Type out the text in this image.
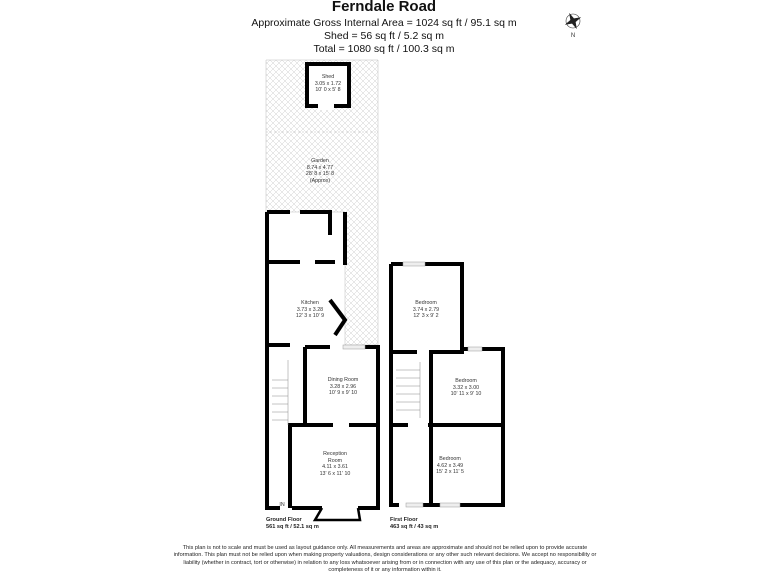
Ferndale Road
Approximate Gross Internal Area = 1024 sq ft / 95.1 sq m
Shed = 56 sq ft / 5.2 sq m
Total = 1080 sq ft / 100.3 sq m
Shed
3.05 x 1.72
10' 0 x 5' 8
Garden
8.74 x 4.77
28' 8 x 15' 8
(Approx)
Kitchen
3.73 x 3.28
12' 3 x 10' 9
Dining Room
3.28 x 2.96
10' 9 x 9' 10
Reception
Room
4.11 x 3.61
13' 6 x 11' 10
Bedroom
3.74 x 2.79
12' 3 x 9' 2
Bedroom
3.32 x 3.00
10' 11 x 9' 10
Bedroom
4.62 x 3.49
15' 2 x 11' 5
IN
Ground Floor
561 sq ft / 52.1 sq m
First Floor
463 sq ft / 43 sq m
N
This plan is not to scale and must be used as layout guidance only. All measurements and areas are approximate and should not be relied upon to provide accurate information. This plan must not be relied upon when making property valuations, design considerations or any other such relevant decisions. We accept no responsibility or liability (whether in contract, tort or otherwise) in relation to any loss whatsoever arising from or in connection with any use of this plan or the adequacy, accuracy or completeness of it or any information within it.
